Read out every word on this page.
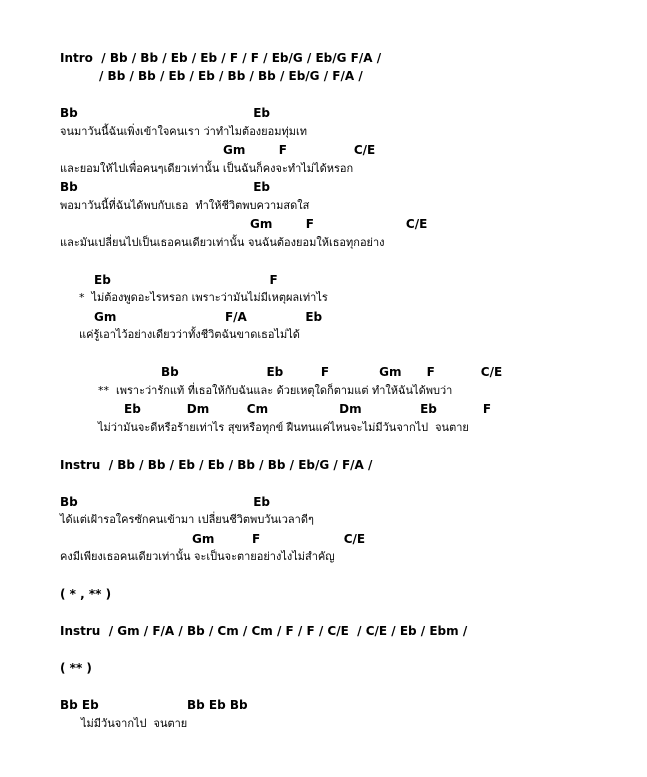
Intro  / Bb / Bb / Eb / Eb / F / F / Eb/G / Eb/G F/A /
/ Bb / Bb / Eb / Eb / Bb / Bb / Eb/G / F/A /
Bb                                          Eb
จนมาวันนี้ฉันเพิ่งเข้าใจคนเรา ว่าทำไมต้องยอมทุ่มเท
Gm        F                C/E
และยอมให้ไปเพื่อคนๆเดียวเท่านั้น เป็นฉันก็คงจะทำไม่ได้หรอก
Bb                                          Eb
พอมาวันนี้ที่ฉันได้พบกับเธอ  ทำให้ชีวิตพบความสดใส
Gm        F                      C/E
และมันเปลี่ยนไปเป็นเธอคนเดียวเท่านั้น จนฉันต้องยอมให้เธอทุกอย่าง
Eb                                      F
*  ไม่ต้องพูดอะไรหรอก เพราะว่ามันไม่มีเหตุผลเท่าไร
Gm                          F/A              Eb
แค่รู้เอาไว้อย่างเดียวว่าทั้งชีวิตฉันขาดเธอไม่ได้
Bb                     Eb         F            Gm      F           C/E
**  เพราะว่ารักแท้ ที่เธอให้กับฉันและ ด้วยเหตุใดก็ตามแต่ ทำให้ฉันได้พบว่า
Eb           Dm         Cm                 Dm              Eb           F
ไม่ว่ามันจะดีหรือร้ายเท่าไร สุขหรือทุกข์ ฝืนทนแค่ไหนจะไม่มีวันจากไป  จนตาย
Instru  / Bb / Bb / Eb / Eb / Bb / Bb / Eb/G / F/A /
Bb                                          Eb
ได้แต่เฝ้ารอใครซักคนเข้ามา เปลี่ยนชีวิตพบวันเวลาดีๆ
Gm         F                    C/E
คงมีเพียงเธอคนเดียวเท่านั้น จะเป็นจะตายอย่างไงไม่สำคัญ
( * , ** )
Instru  / Gm / F/A / Bb / Cm / Cm / F / F / C/E  / C/E / Eb / Ebm /
( ** )
Bb Eb	Bb Eb Bb
ไม่มีวันจากไป  จนตาย
